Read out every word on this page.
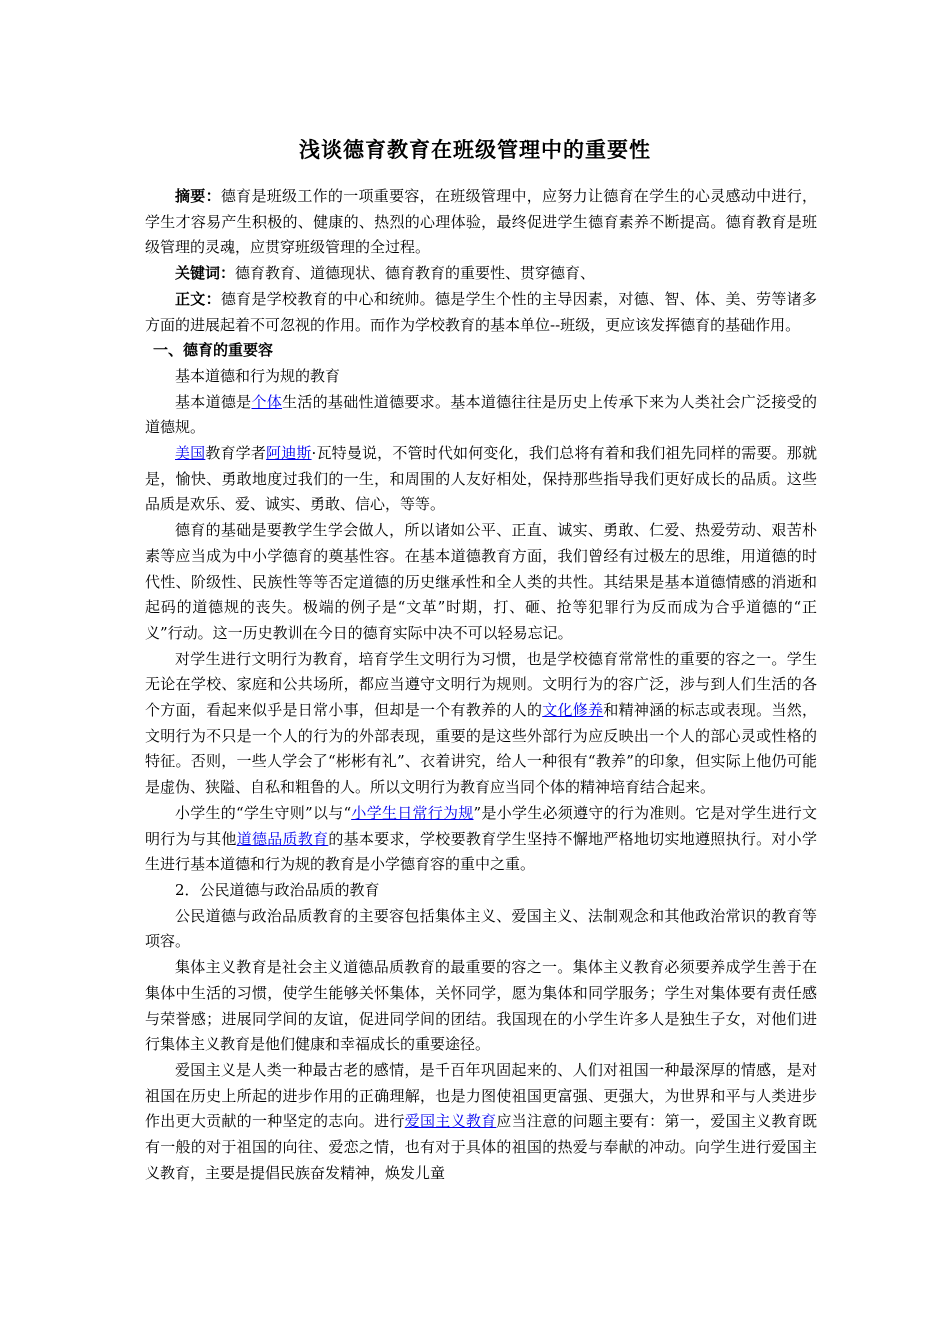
浅谈德育教育在班级管理中的重要性

摘要：德育是班级工作的一项重要容，在班级管理中，应努力让德育在学生的心灵感动中进行，学生才容易产生积极的、健康的、热烈的心理体验，最终促进学生德育素养不断提高。德育教育是班级管理的灵魂，应贯穿班级管理的全过程。

关键词：德育教育、道德现状、德育教育的重要性、贯穿德育、

正文：德育是学校教育的中心和统帅。德是学生个性的主导因素，对德、智、体、美、劳等诸多方面的进展起着不可忽视的作用。而作为学校教育的基本单位--班级，更应该发挥德育的基础作用。

一、德育的重要容

基本道德和行为规的教育

基本道德是个体生活的基础性道德要求。基本道德往往是历史上传承下来为人类社会广泛接受的道德规。

美国教育学者阿迪斯·瓦特曼说，不管时代如何变化，我们总将有着和我们祖先同样的需要。那就是，愉快、勇敢地度过我们的一生，和周围的人友好相处，保持那些指导我们更好成长的品质。这些品质是欢乐、爱、诚实、勇敢、信心，等等。

德育的基础是要教学生学会做人，所以诸如公平、正直、诚实、勇敢、仁爱、热爱劳动、艰苦朴素等应当成为中小学德育的奠基性容。在基本道德教育方面，我们曾经有过极左的思维，用道德的时代性、阶级性、民族性等等否定道德的历史继承性和全人类的共性。其结果是基本道德情感的消逝和起码的道德规的丧失。极端的例子是“文革”时期，打、砸、抢等犯罪行为反而成为合乎道德的“正义”行动。这一历史教训在今日的德育实际中决不可以轻易忘记。

对学生进行文明行为教育，培育学生文明行为习惯，也是学校德育常常性的重要的容之一。学生无论在学校、家庭和公共场所，都应当遵守文明行为规则。文明行为的容广泛，涉与到人们生活的各个方面，看起来似乎是日常小事，但却是一个有教养的人的文化修养和精神涵的标志或表现。当然，文明行为不只是一个人的行为的外部表现，重要的是这些外部行为应反映出一个人的部心灵或性格的特征。否则，一些人学会了“彬彬有礼”、衣着讲究，给人一种很有“教养”的印象，但实际上他仍可能是虚伪、狭隘、自私和粗鲁的人。所以文明行为教育应当同个体的精神培育结合起来。

小学生的“学生守则”以与“小学生日常行为规”是小学生必须遵守的行为准则。它是对学生进行文明行为与其他道德品质教育的基本要求，学校要教育学生坚持不懈地严格地切实地遵照执行。对小学生进行基本道德和行为规的教育是小学德育容的重中之重。

2．公民道德与政治品质的教育

公民道德与政治品质教育的主要容包括集体主义、爱国主义、法制观念和其他政治常识的教育等项容。

集体主义教育是社会主义道德品质教育的最重要的容之一。集体主义教育必须要养成学生善于在集体中生活的习惯，使学生能够关怀集体，关怀同学，愿为集体和同学服务；学生对集体要有责任感与荣誉感；进展同学间的友谊，促进同学间的团结。我国现在的小学生许多人是独生子女，对他们进行集体主义教育是他们健康和幸福成长的重要途径。

爱国主义是人类一种最古老的感情，是千百年巩固起来的、人们对祖国一种最深厚的情感，是对祖国在历史上所起的进步作用的正确理解，也是力图使祖国更富强、更强大，为世界和平与人类进步作出更大贡献的一种坚定的志向。进行爱国主义教育应当注意的问题主要有：第一，爱国主义教育既有一般的对于祖国的向往、爱恋之情，也有对于具体的祖国的热爱与奉献的冲动。向学生进行爱国主义教育，主要是提倡民族奋发精神，焕发儿童
